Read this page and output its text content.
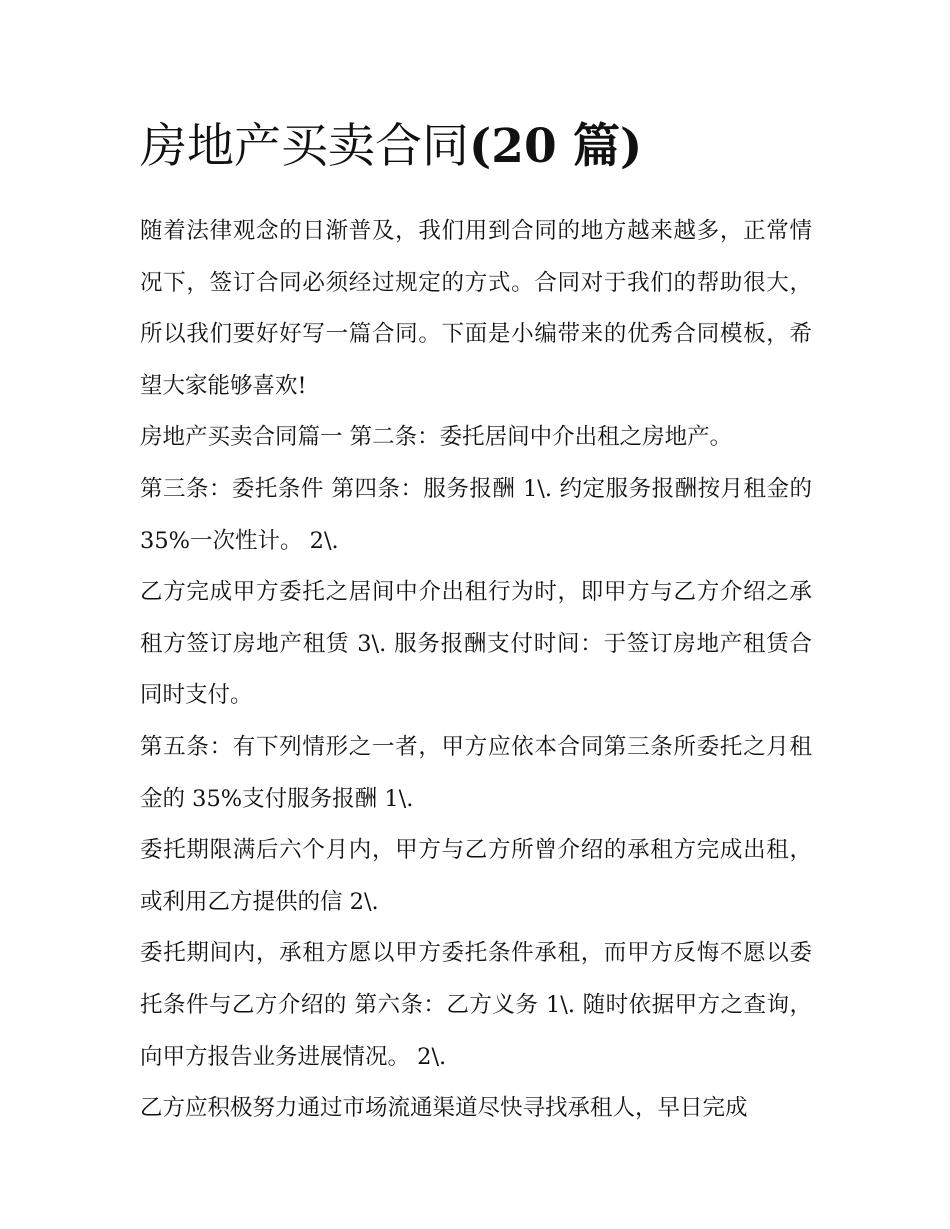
房地产买卖合同(20 篇)

随着法律观念的日渐普及，我们用到合同的地方越来越多，正常情况下，签订合同必须经过规定的方式。合同对于我们的帮助很大，所以我们要好好写一篇合同。下面是小编带来的优秀合同模板，希望大家能够喜欢!

房地产买卖合同篇一 第二条：委托居间中介出租之房地产。

第三条：委托条件 第四条：服务报酬 1\. 约定服务报酬按月租金的 35%一次性计。 2\.

乙方完成甲方委托之居间中介出租行为时，即甲方与乙方介绍之承租方签订房地产租赁 3\. 服务报酬支付时间：于签订房地产租赁合同时支付。

第五条：有下列情形之一者，甲方应依本合同第三条所委托之月租金的 35%支付服务报酬 1\.

委托期限满后六个月内，甲方与乙方所曾介绍的承租方完成出租，或利用乙方提供的信 2\.

委托期间内，承租方愿以甲方委托条件承租，而甲方反悔不愿以委托条件与乙方介绍的 第六条：乙方义务 1\. 随时依据甲方之查询，向甲方报告业务进展情况。 2\.

乙方应积极努力通过市场流通渠道尽快寻找承租人，早日完成
